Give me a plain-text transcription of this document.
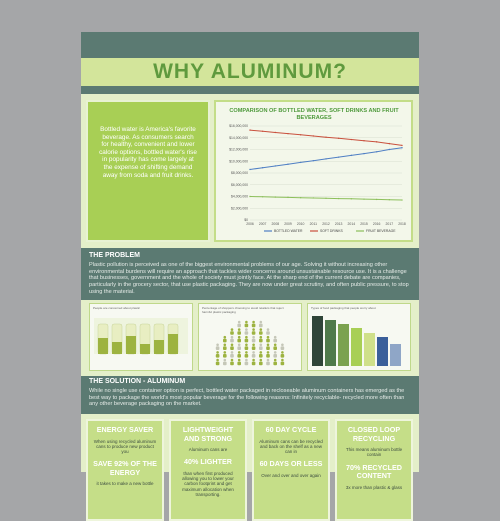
WHY ALUMINUM?

Bottled water is America's favorite beverage. As consumers search for healthy, convenient and lower calorie options, bottled water's rise in popularity has come largely at the expense of shifting demand away from soda and fruit drinks.

COMPARISON OF BOTTLED WATER, SOFT DRINKS AND FRUIT BEVERAGES
$0
$2,000,000
$4,000,000
$6,000,000
$8,000,000
$10,000,000
$12,000,000
$14,000,000
$16,000,000
2006 2007 2008 2009 2010 2011 2012 2013 2014 2015 2016 2017 2018
BOTTLED WATER	SOFT DRINKS	FRUIT BEVERAGE
THE PROBLEM
Plastic pollution is perceived as one of the biggest environmental problems of our age. Solving it without increasing other environmental burdens will require an approach that tackles wider concerns around unsustainable resource use. It is a challenge that businesses, government and the whole of society must jointly face. At the sharp end of the current debate are companies, particularly in the grocery sector, that use plastic packaging. They are now under great scrutiny, and often public pressure, to stop using the material.
People are concerned about plastic	Percentage of shoppers choosing to avoid retailers that reject harmful plastic packaging
Types of food packaging that people worry about
THE SOLUTION - ALUMINUM
While no single use container option is perfect, bottled water packaged in recloseable aluminum containers has emerged as the best way to package the world's most popular beverage for the following reasons: Infinitely recyclable- recycled more often than any other beverage packaging on the market.
ENERGY SAVER
When using recycled aluminum cans to produce new product you
SAVE 92% OF THE ENERGY
it takes to make a new bottle
LIGHTWEIGHT AND STRONG
Aluminum cans are
40% LIGHTER
than when first produced allowing you to lower your carbon footprint and get maximum allocation when transporting.
60 DAY CYCLE
Aluminum cans can be recycled and back on the shelf as a new can in
60 DAYS OR LESS
Over and over and over again
CLOSED LOOP RECYCLING
This means aluminum bottle contain
70% RECYCLED CONTENT
3x more than plastic & glass
